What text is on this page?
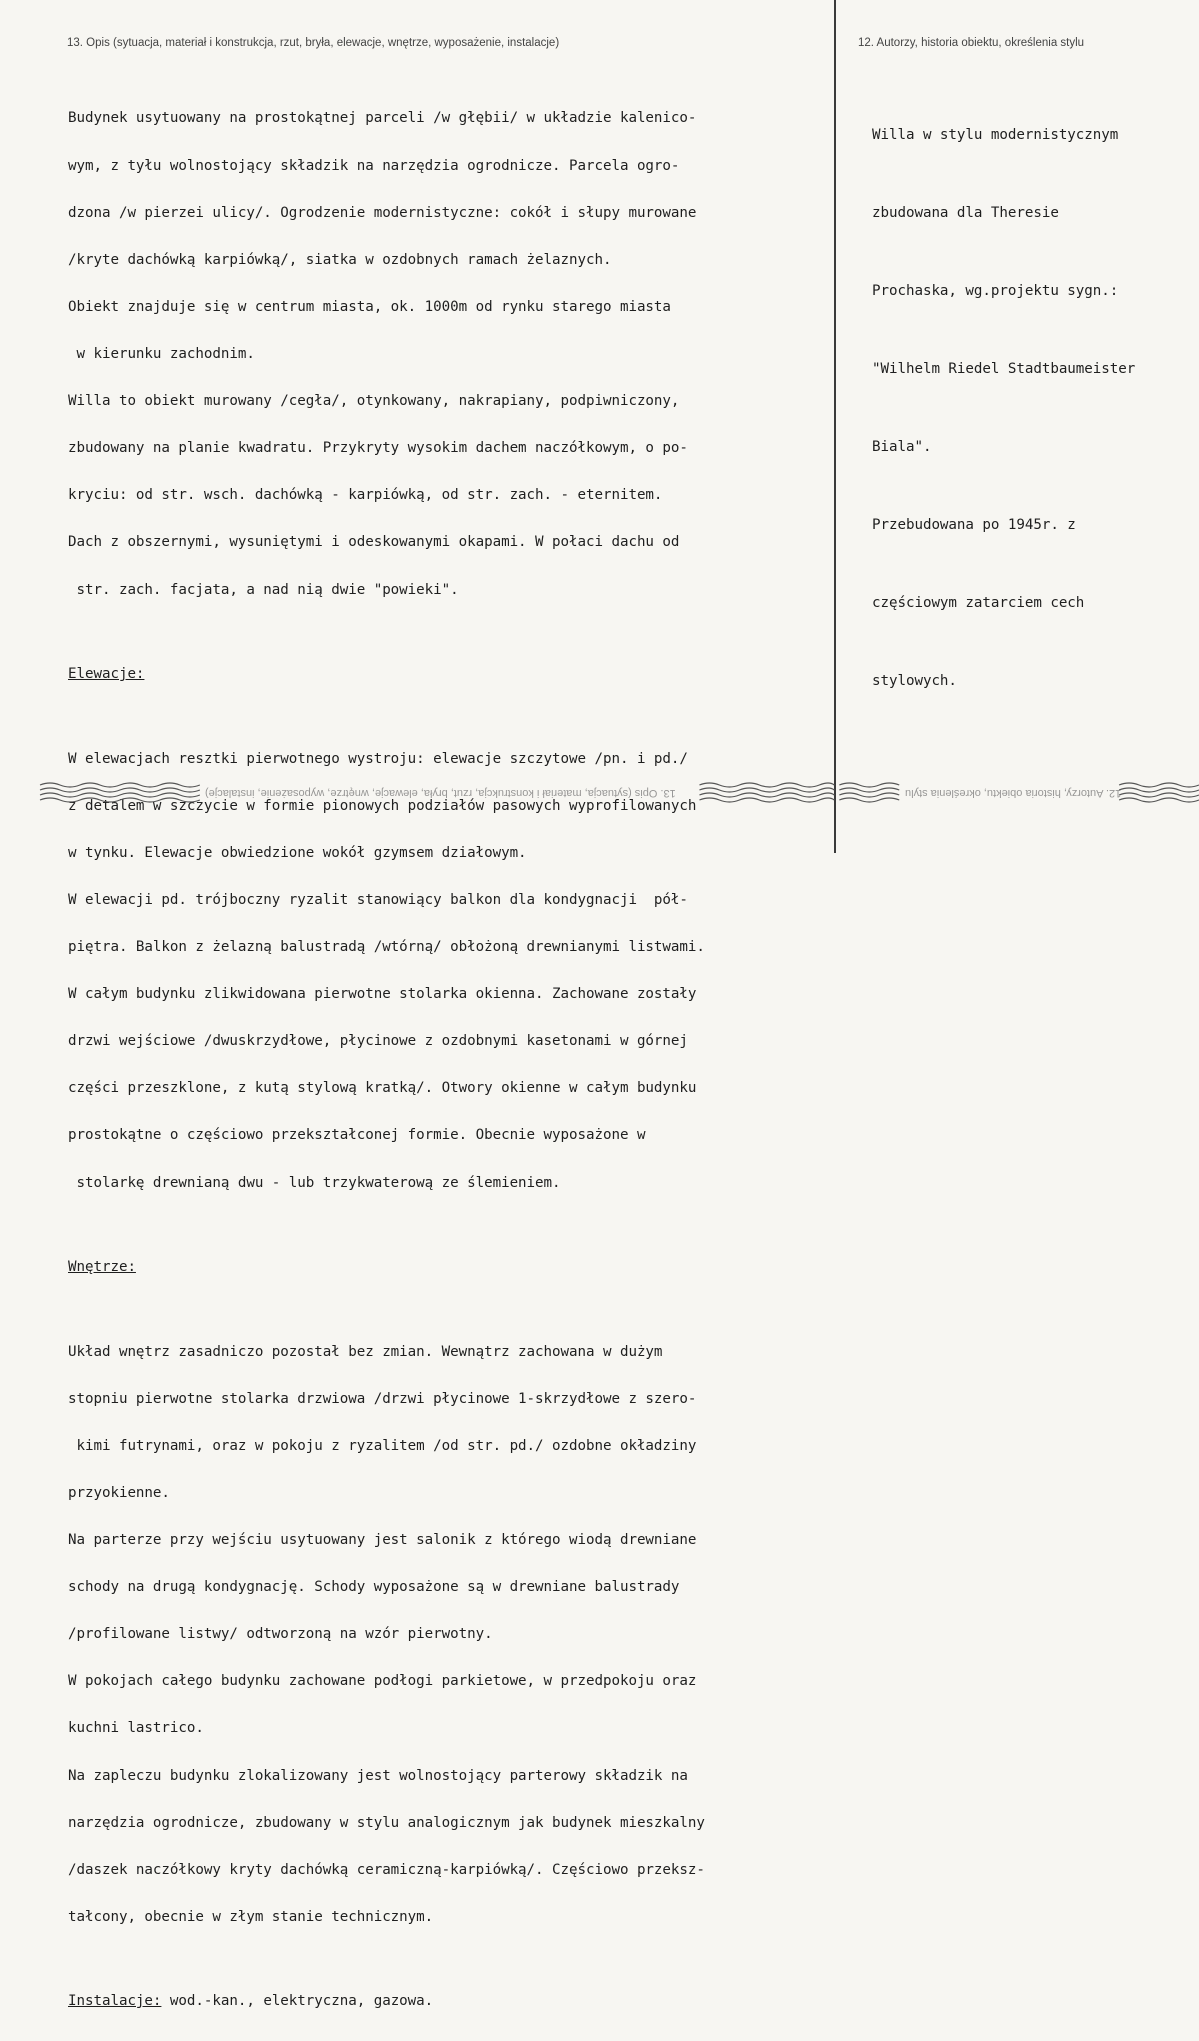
13. Opis (sytuacja, materiał i konstrukcja, rzut, bryła, elewacje, wnętrze, wyposażenie, instalacje)	12. Autorzy, historia obiektu, określenia stylu

Budynek usytuowany na prostokątnej parceli /w głębii/ w układzie kalenico-

wym, z tyłu wolnostojący składzik na narzędzia ogrodnicze. Parcela ogro-

dzona /w pierzei ulicy/. Ogrodzenie modernistyczne: cokół i słupy murowane

/kryte dachówką karpiówką/, siatka w ozdobnych ramach żelaznych.

Obiekt znajduje się w centrum miasta, ok. 1000m od rynku starego miasta

w kierunku zachodnim.

Willa to obiekt murowany /cegła/, otynkowany, nakrapiany, podpiwniczony,

zbudowany na planie kwadratu. Przykryty wysokim dachem naczółkowym, o po-

kryciu: od str. wsch. dachówką - karpiówką, od str. zach. - eternitem.

Dach z obszernymi, wysuniętymi i odeskowanymi okapami. W połaci dachu od

str. zach. facjata, a nad nią dwie "powieki".

Elewacje:

W elewacjach resztki pierwotnego wystroju: elewacje szczytowe /pn. i pd./

z detalem w szczycie w formie pionowych podziałów pasowych wyprofilowanych

w tynku. Elewacje obwiedzione wokół gzymsem działowym.

W elewacji pd. trójboczny ryzalit stanowiący balkon dla kondygnacji  pół-

piętra. Balkon z żelazną balustradą /wtórną/ obłożoną drewnianymi listwami.

W całym budynku zlikwidowana pierwotne stolarka okienna. Zachowane zostały

drzwi wejściowe /dwuskrzydłowe, płycinowe z ozdobnymi kasetonami w górnej

części przeszklone, z kutą stylową kratką/. Otwory okienne w całym budynku

prostokątne o częściowo przekształconej formie. Obecnie wyposażone w

stolarkę drewnianą dwu - lub trzykwaterową ze ślemieniem.

Wnętrze:

Układ wnętrz zasadniczo pozostał bez zmian. Wewnątrz zachowana w dużym

stopniu pierwotne stolarka drzwiowa /drzwi płycinowe 1-skrzydłowe z szero-

kimi futrynami, oraz w pokoju z ryzalitem /od str. pd./ ozdobne okładziny

przyokienne.

Na parterze przy wejściu usytuowany jest salonik z którego wiodą drewniane

schody na drugą kondygnację. Schody wyposażone są w drewniane balustrady

/profilowane listwy/ odtworzoną na wzór pierwotny.

W pokojach całego budynku zachowane podłogi parkietowe, w przedpokoju oraz

kuchni lastrico.

Na zapleczu budynku zlokalizowany jest wolnostojący parterowy składzik na

narzędzia ogrodnicze, zbudowany w stylu analogicznym jak budynek mieszkalny

/daszek naczółkowy kryty dachówką ceramiczną-karpiówką/. Częściowo przeksz-

tałcony, obecnie w złym stanie technicznym.

Instalacje: wod.-kan., elektryczna, gazowa.

Willa w stylu modernistycznym

zbudowana dla Theresie

Prochaska, wg.projektu sygn.:

"Wilhelm Riedel Stadtbaumeister

Biala".

Przebudowana po 1945r. z

częściowym zatarciem cech

stylowych.

13. Opis (sytuacja, materiał i konstrukcja, rzut, bryła, elewacje, wnętrze, wyposażenie, instalacje)	12. Autorzy, historia obiektu, określenia stylu
